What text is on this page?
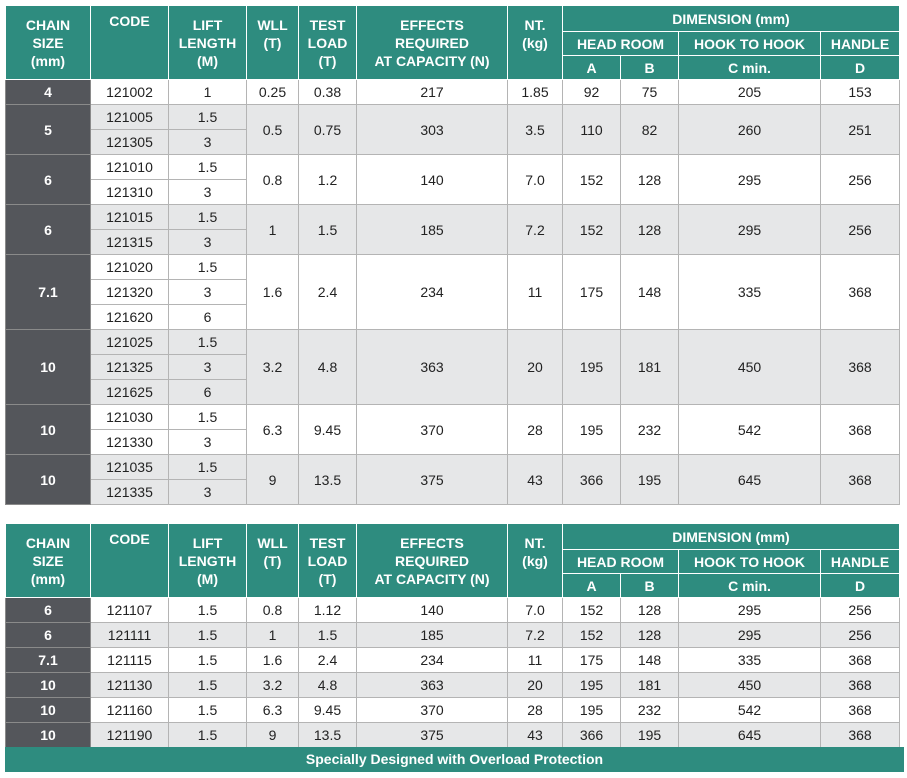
CHAIN
SIZE
(mm)	CODE	LIFT
LENGTH
(M)	WLL
(T)	TEST
LOAD
(T)	EFFECTS
REQUIRED
AT CAPACITY (N)	NT.
(kg)	DIMENSION (mm)			
							HEAD ROOM		HOOK TO HOOK	HANDLE
							A	B	C min.	D
4	121002	1	0.25	0.38	217	1.85	92	75	205	153
5	121005	1.5	0.5	0.75	303	3.5	110	82	260	251
	121305	3								
6	121010	1.5	0.8	1.2	140	7.0	152	128	295	256
	121310	3								
6	121015	1.5	1	1.5	185	7.2	152	128	295	256
	121315	3								
7.1	121020	1.5	1.6	2.4	234	11	175	148	335	368
	121320	3								
	121620	6								
10	121025	1.5	3.2	4.8	363	20	195	181	450	368
	121325	3								
	121625	6								
10	121030	1.5	6.3	9.45	370	28	195	232	542	368
	121330	3								
10	121035	1.5	9	13.5	375	43	366	195	645	368
	121335	3								
CHAIN
SIZE
(mm)	CODE	LIFT
LENGTH
(M)	WLL
(T)	TEST
LOAD
(T)	EFFECTS
REQUIRED
AT CAPACITY (N)	NT.
(kg)	DIMENSION (mm)			
							HEAD ROOM		HOOK TO HOOK	HANDLE
							A	B	C min.	D
6	121107	1.5	0.8	1.12	140	7.0	152	128	295	256
6	121111	1.5	1	1.5	185	7.2	152	128	295	256
7.1	121115	1.5	1.6	2.4	234	11	175	148	335	368
10	121130	1.5	3.2	4.8	363	20	195	181	450	368
10	121160	1.5	6.3	9.45	370	28	195	232	542	368
10	121190	1.5	9	13.5	375	43	366	195	645	368
Specially Designed with Overload Protection
